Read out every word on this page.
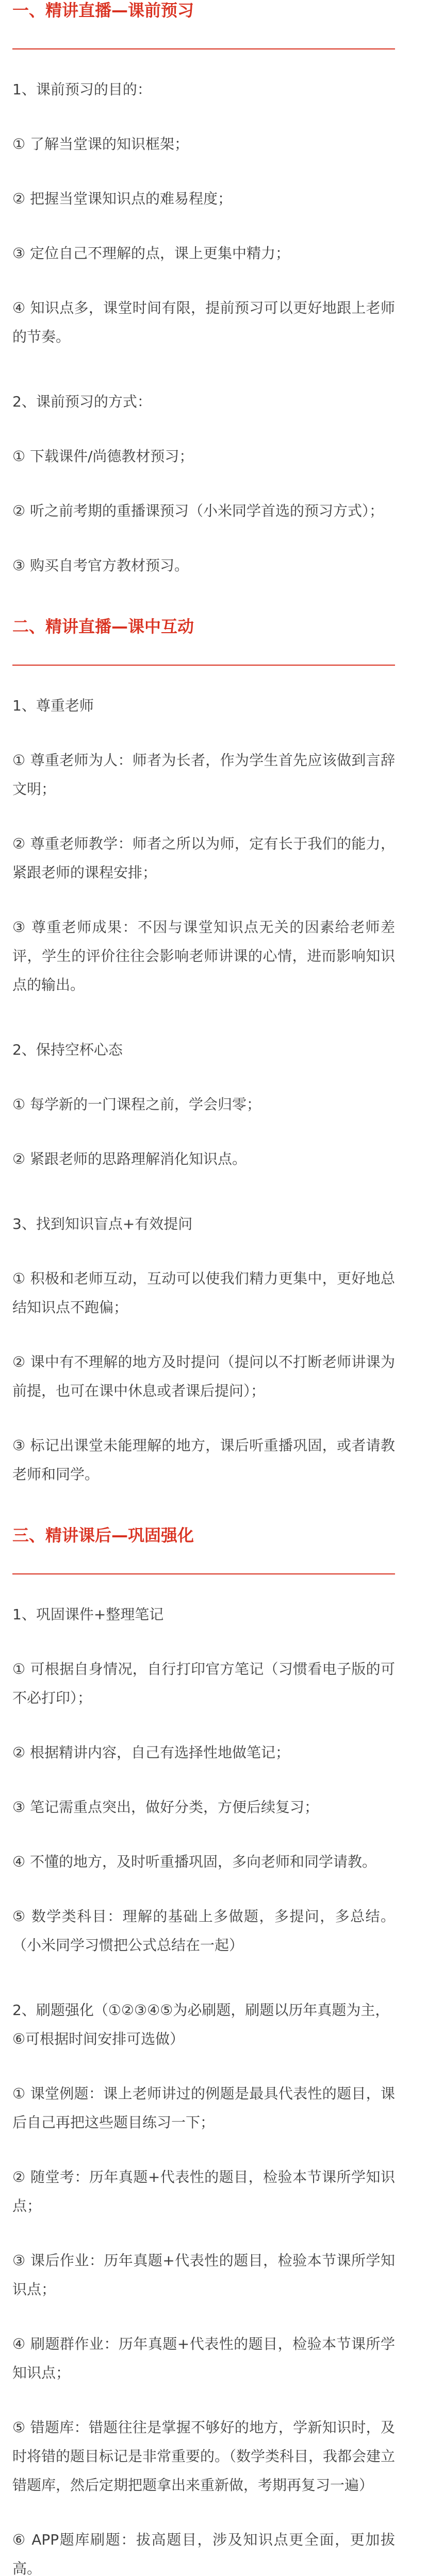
一、精讲直播—课前预习

1、课前预习的目的：

① 了解当堂课的知识框架；

② 把握当堂课知识点的难易程度；

③ 定位自己不理解的点，课上更集中精力；

④ 知识点多，课堂时间有限，提前预习可以更好地跟上老师的节奏。

2、课前预习的方式：

① 下载课件/尚德教材预习；

② 听之前考期的重播课预习（小米同学首选的预习方式）；

③ 购买自考官方教材预习。

二、精讲直播—课中互动

1、尊重老师

① 尊重老师为人：师者为长者，作为学生首先应该做到言辞文明；

② 尊重老师教学：师者之所以为师，定有长于我们的能力，紧跟老师的课程安排；

③ 尊重老师成果：不因与课堂知识点无关的因素给老师差评，学生的评价往往会影响老师讲课的心情，进而影响知识点的输出。

2、保持空杯心态

① 每学新的一门课程之前，学会归零；

② 紧跟老师的思路理解消化知识点。

3、找到知识盲点+有效提问

① 积极和老师互动，互动可以使我们精力更集中，更好地总结知识点不跑偏；

② 课中有不理解的地方及时提问（提问以不打断老师讲课为前提，也可在课中休息或者课后提问）；

③ 标记出课堂未能理解的地方，课后听重播巩固，或者请教老师和同学。

三、精讲课后—巩固强化

1、巩固课件+整理笔记

① 可根据自身情况，自行打印官方笔记（习惯看电子版的可不必打印）；

② 根据精讲内容，自己有选择性地做笔记；

③ 笔记需重点突出，做好分类，方便后续复习；

④ 不懂的地方，及时听重播巩固，多向老师和同学请教。

⑤ 数学类科目：理解的基础上多做题，多提问，多总结。（小米同学习惯把公式总结在一起）

2、刷题强化（①②③④⑤为必刷题，刷题以历年真题为主，⑥可根据时间安排可选做）

① 课堂例题：课上老师讲过的例题是最具代表性的题目，课后自己再把这些题目练习一下；

② 随堂考：历年真题+代表性的题目，检验本节课所学知识点；

③ 课后作业：历年真题+代表性的题目，检验本节课所学知识点；

④ 刷题群作业：历年真题+代表性的题目，检验本节课所学知识点；

⑤ 错题库：错题往往是掌握不够好的地方，学新知识时，及时将错的题目标记是非常重要的。（数学类科目，我都会建立错题库，然后定期把题拿出来重新做，考期再复习一遍）

⑥ APP题库刷题：拔高题目，涉及知识点更全面，更加拔高。
